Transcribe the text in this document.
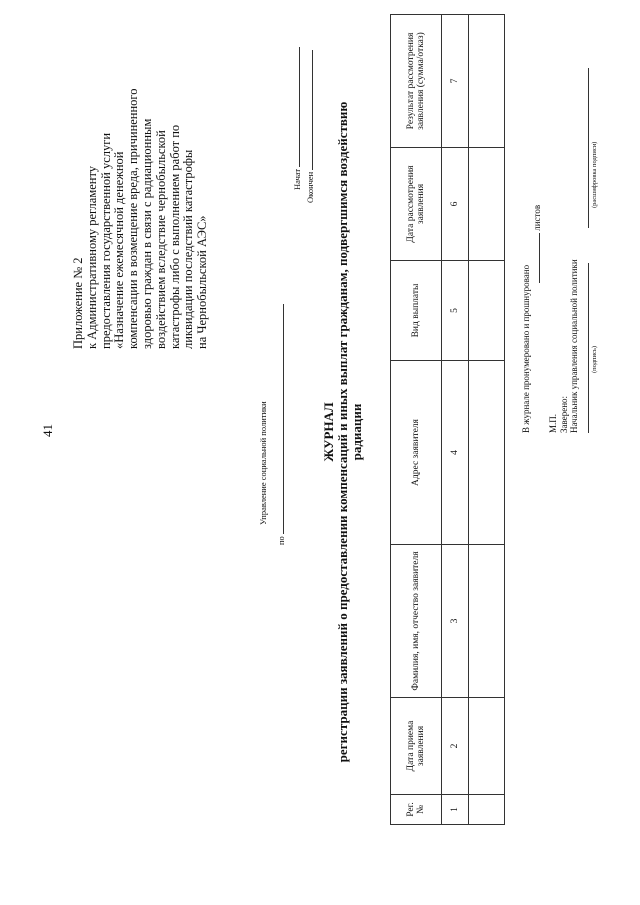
41
Приложение № 2 к Административному регламенту предоставления государственной услуги «Назначение ежемесячной денежной компенсации в возмещение вреда, причиненного здоровью граждан в связи с радиационным воздействием вследствие чернобыльской катастрофы либо с выполнением работ по ликвидации последствий катастрофы на Чернобыльской АЭС»
Управление социальной политики
по
Начат Окончен
ЖУРНАЛ регистрации заявлений о предоставлении компенсаций и иных выплат гражданам, подвергшимся воздействию радиации
Рег. №	Дата приема заявления	Фамилия, имя, отчество заявителя	Адрес заявителя	Вид выплаты	Дата рассмотрения заявления	Результат рассмотрения заявления (сумма/отказ)
1	2	3	4	5	6	7

В журнале пронумеровано и прошнуровано
листов
М.П. Заверено: Начальник управления социальной политики (подпись)
(расшифровка подписи)
